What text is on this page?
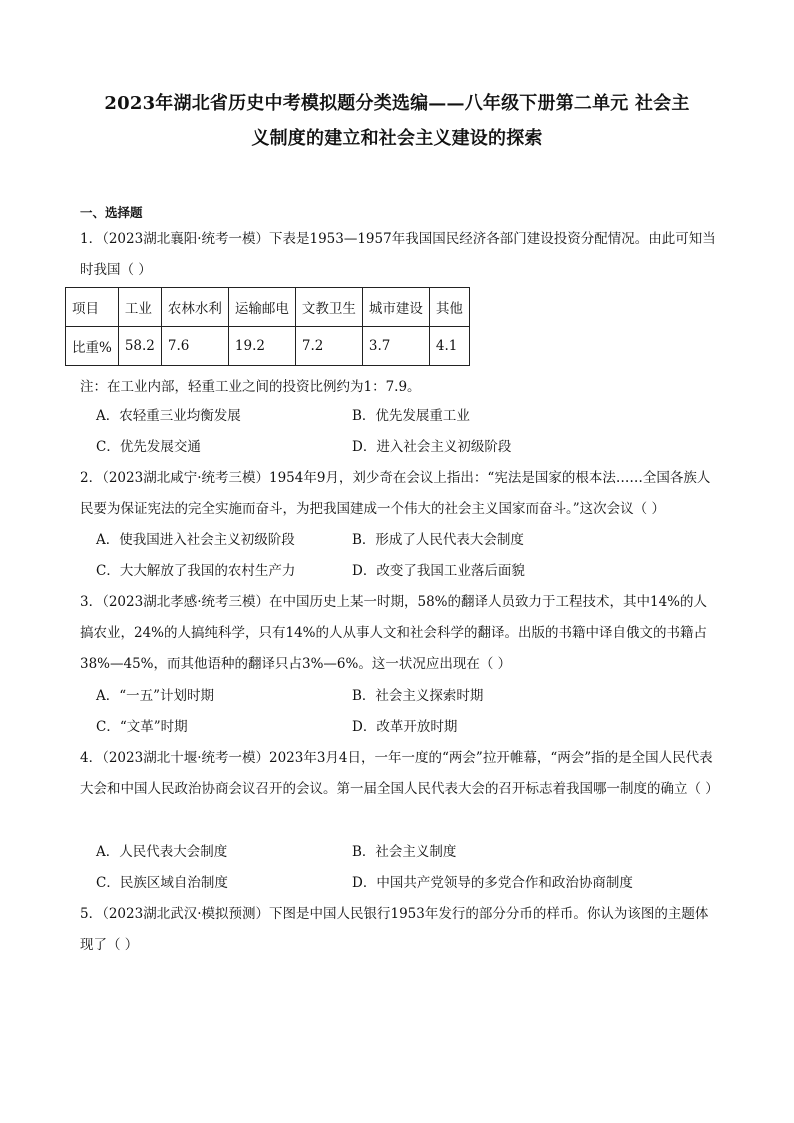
2023年湖北省历史中考模拟题分类选编——八年级下册第二单元 社会主
义制度的建立和社会主义建设的探索
一、选择题
1．（2023湖北襄阳·统考一模）下表是1953—1957年我国国民经济各部门建设投资分配情况。由此可知当时我国（ ）
项目	工业	农林水利	运输邮电	文教卫生	城市建设	其他
比重%	58.2	7.6	19.2	7.2	3.7	4.1
注：在工业内部，轻重工业之间的投资比例约为1：7.9。
A．农轻重三业均衡发展	B．优先发展重工业
C．优先发展交通	D．进入社会主义初级阶段
2．（2023湖北咸宁·统考三模）1954年9月，刘少奇在会议上指出：“宪法是国家的根本法……全国各族人民要为保证宪法的完全实施而奋斗，为把我国建成一个伟大的社会主义国家而奋斗。”这次会议（ ）
A．使我国进入社会主义初级阶段	B．形成了人民代表大会制度
C．大大解放了我国的农村生产力	D．改变了我国工业落后面貌
3．（2023湖北孝感·统考三模）在中国历史上某一时期，58%的翻译人员致力于工程技术，其中14%的人搞农业，24%的人搞纯科学，只有14%的人从事人文和社会科学的翻译。出版的书籍中译自俄文的书籍占38%—45%，而其他语种的翻译只占3%—6%。这一状况应出现在（ ）
A．“一五”计划时期	B．社会主义探索时期
C．“文革”时期	D．改革开放时期
4．（2023湖北十堰·统考一模）2023年3月4日，一年一度的“两会”拉开帷幕，“两会”指的是全国人民代表大会和中国人民政治协商会议召开的会议。第一届全国人民代表大会的召开标志着我国哪一制度的确立（ ）
A．人民代表大会制度	B．社会主义制度
C．民族区域自治制度	D．中国共产党领导的多党合作和政治协商制度
5．（2023湖北武汉·模拟预测）下图是中国人民银行1953年发行的部分分币的样币。你认为该图的主题体现了（ ）
